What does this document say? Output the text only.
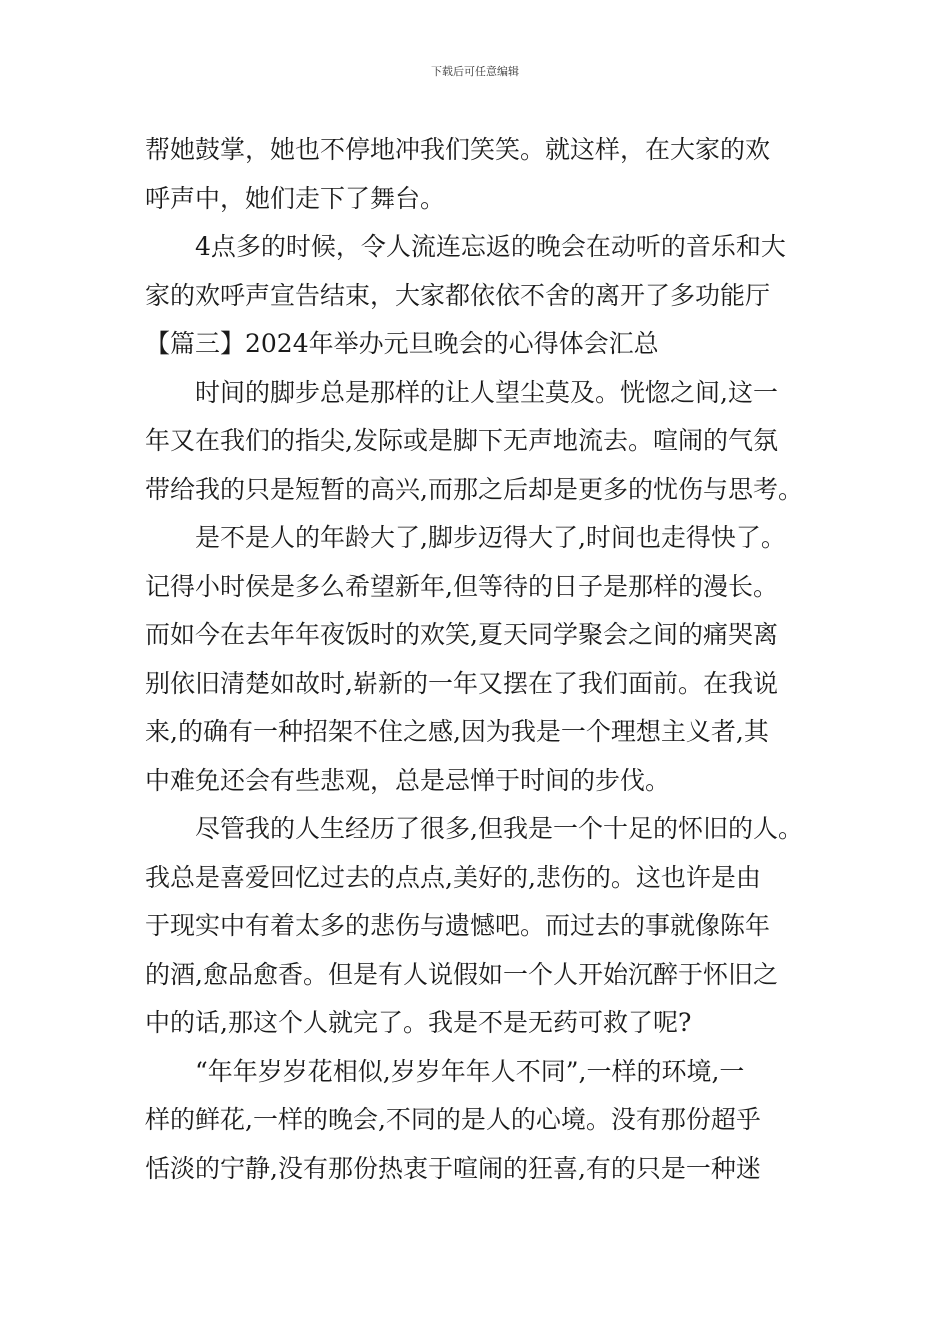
下载后可任意编辑
帮她鼓掌，她也不停地冲我们笑笑。就这样，在大家的欢
呼声中，她们走下了舞台。
4点多的时候，令人流连忘返的晚会在动听的音乐和大
家的欢呼声宣告结束，大家都依依不舍的离开了多功能厅
【篇三】2024年举办元旦晚会的心得体会汇总
时间的脚步总是那样的让人望尘莫及。恍惚之间,这一
年又在我们的指尖,发际或是脚下无声地流去。喧闹的气氛
带给我的只是短暂的高兴,而那之后却是更多的忧伤与思考。
是不是人的年龄大了,脚步迈得大了,时间也走得快了。
记得小时侯是多么希望新年,但等待的日子是那样的漫长。
而如今在去年年夜饭时的欢笑,夏天同学聚会之间的痛哭离
别依旧清楚如故时,崭新的一年又摆在了我们面前。在我说
来,的确有一种招架不住之感,因为我是一个理想主义者,其
中难免还会有些悲观，总是忌惮于时间的步伐。
尽管我的人生经历了很多,但我是一个十足的怀旧的人。
我总是喜爱回忆过去的点点,美好的,悲伤的。这也许是由
于现实中有着太多的悲伤与遗憾吧。而过去的事就像陈年
的酒,愈品愈香。但是有人说假如一个人开始沉醉于怀旧之
中的话,那这个人就完了。我是不是无药可救了呢?
“年年岁岁花相似,岁岁年年人不同”,一样的环境,一
样的鲜花,一样的晚会,不同的是人的心境。没有那份超乎
恬淡的宁静,没有那份热衷于喧闹的狂喜,有的只是一种迷
